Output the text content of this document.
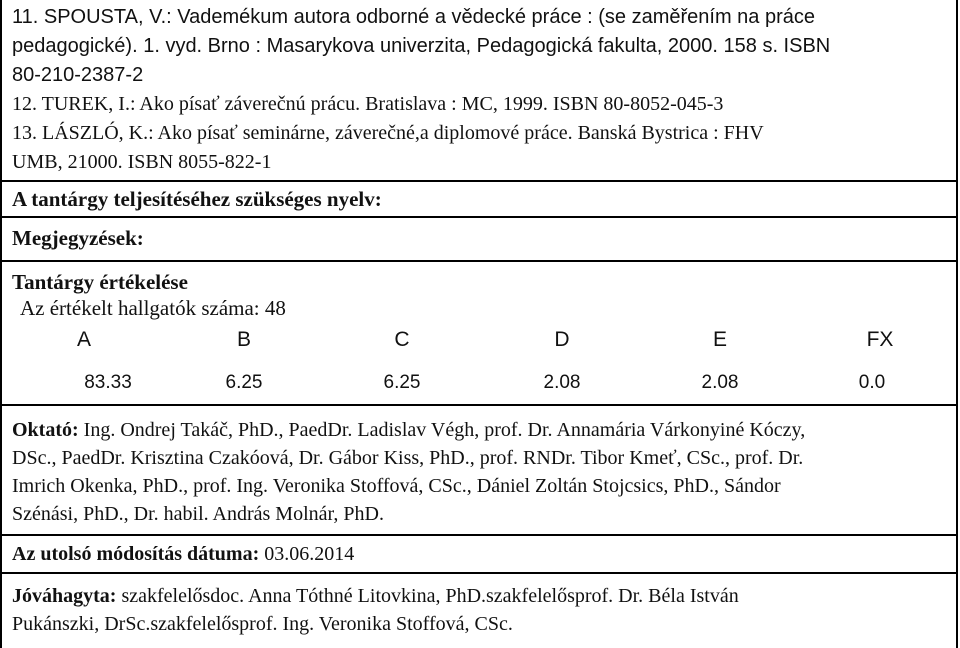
11. SPOUSTA, V.: Vademékum autora odborné a vědecké práce : (se zaměřením na práce
pedagogické). 1. vyd. Brno : Masarykova univerzita, Pedagogická fakulta, 2000. 158 s. ISBN
80-210-2387-2
12. TUREK, I.: Ako písať záverečnú prácu. Bratislava : MC, 1999. ISBN 80-8052-045-3
13. LÁSZLÓ, K.: Ako písať seminárne, záverečné,a diplomové práce. Banská Bystrica : FHV
UMB, 21000. ISBN 8055-822-1
A tantárgy teljesítéséhez szükséges nyelv:
Megjegyzések:
Tantárgy értékelése
Az értékelt hallgatók száma: 48
A	B	C	D	E	FX
83.33	6.25	6.25	2.08	2.08	0.0
Oktató: Ing. Ondrej Takáč, PhD., PaedDr. Ladislav Végh, prof. Dr. Annamária Várkonyiné Kóczy,
DSc., PaedDr. Krisztina Czakóová, Dr. Gábor Kiss, PhD., prof. RNDr. Tibor Kmeť, CSc., prof. Dr.
Imrich Okenka, PhD., prof. Ing. Veronika Stoffová, CSc., Dániel Zoltán Stojcsics, PhD., Sándor
Szénási, PhD., Dr. habil. András Molnár, PhD.
Az utolsó módosítás dátuma: 03.06.2014
Jóváhagyta: szakfelelősdoc. Anna Tóthné Litovkina, PhD.szakfelelősprof. Dr. Béla István
Pukánszki, DrSc.szakfelelősprof. Ing. Veronika Stoffová, CSc.
